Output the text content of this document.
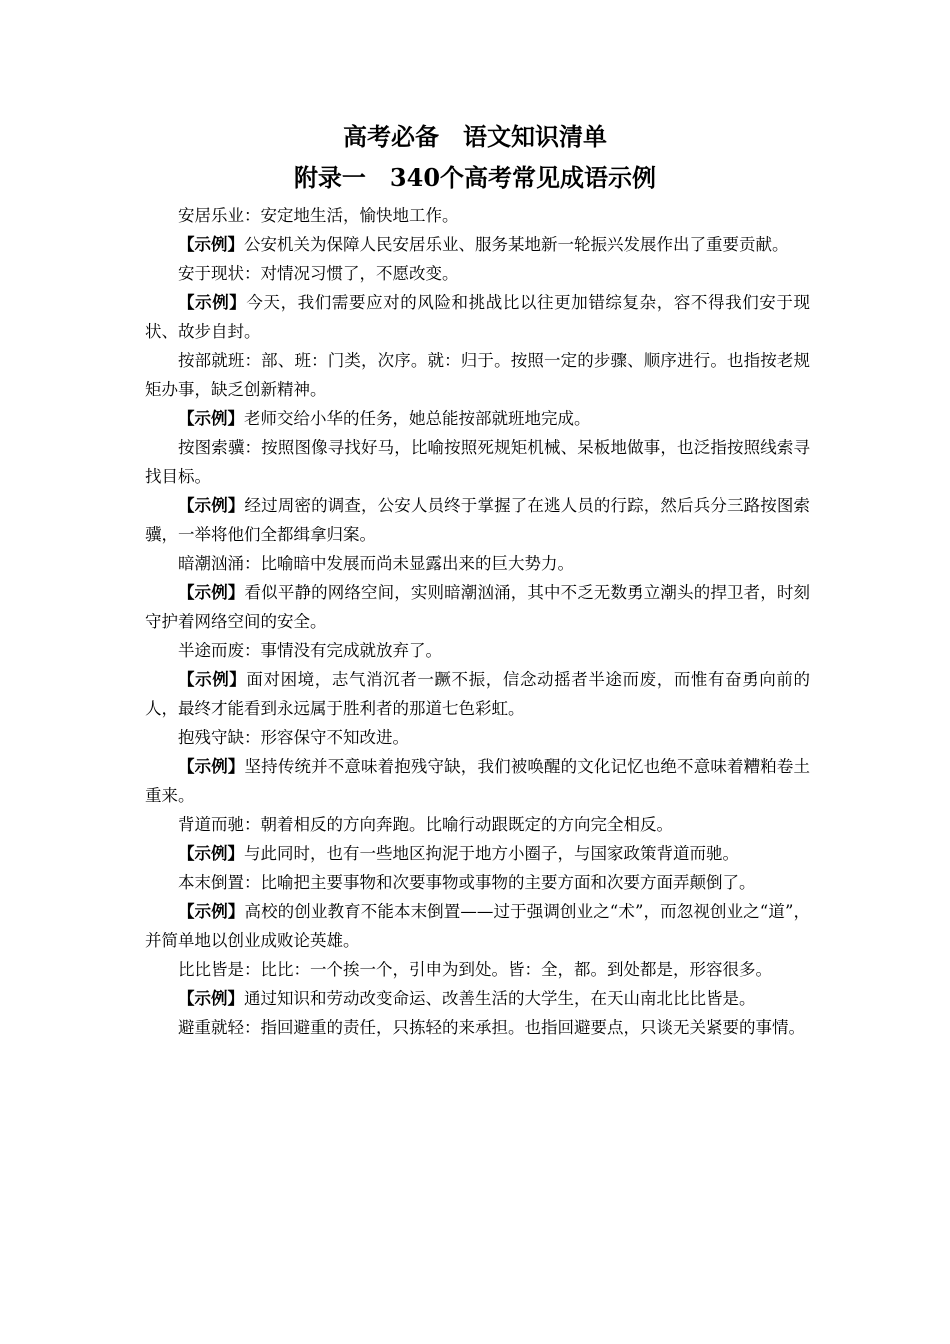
高考必备　语文知识清单
附录一　340个高考常见成语示例

安居乐业：安定地生活，愉快地工作。

【示例】公安机关为保障人民安居乐业、服务某地新一轮振兴发展作出了重要贡献。

安于现状：对情况习惯了，不愿改变。

【示例】今天，我们需要应对的风险和挑战比以往更加错综复杂，容不得我们安于现状、故步自封。

按部就班：部、班：门类，次序。就：归于。按照一定的步骤、顺序进行。也指按老规矩办事，缺乏创新精神。

【示例】老师交给小华的任务，她总能按部就班地完成。

按图索骥：按照图像寻找好马，比喻按照死规矩机械、呆板地做事，也泛指按照线索寻找目标。

【示例】经过周密的调查，公安人员终于掌握了在逃人员的行踪，然后兵分三路按图索骥，一举将他们全都缉拿归案。

暗潮汹涌：比喻暗中发展而尚未显露出来的巨大势力。

【示例】看似平静的网络空间，实则暗潮汹涌，其中不乏无数勇立潮头的捍卫者，时刻守护着网络空间的安全。

半途而废：事情没有完成就放弃了。

【示例】面对困境，志气消沉者一蹶不振，信念动摇者半途而废，而惟有奋勇向前的人，最终才能看到永远属于胜利者的那道七色彩虹。

抱残守缺：形容保守不知改进。

【示例】坚持传统并不意味着抱残守缺，我们被唤醒的文化记忆也绝不意味着糟粕卷土重来。

背道而驰：朝着相反的方向奔跑。比喻行动跟既定的方向完全相反。

【示例】与此同时，也有一些地区拘泥于地方小圈子，与国家政策背道而驰。

本末倒置：比喻把主要事物和次要事物或事物的主要方面和次要方面弄颠倒了。

【示例】高校的创业教育不能本末倒置——过于强调创业之“术”，而忽视创业之“道”，并简单地以创业成败论英雄。

比比皆是：比比：一个挨一个，引申为到处。皆：全，都。到处都是，形容很多。

【示例】通过知识和劳动改变命运、改善生活的大学生，在天山南北比比皆是。

避重就轻：指回避重的责任，只拣轻的来承担。也指回避要点，只谈无关紧要的事情。
